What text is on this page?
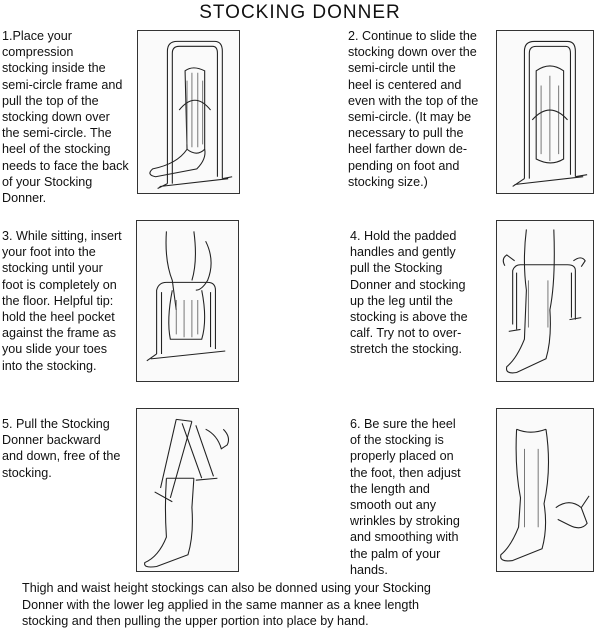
STOCKING DONNER
1.Place your compression
stocking inside the
semi-circle frame and
pull the top of the
stocking down over
the semi-circle. The
heel of the stocking
needs to face the back
of your Stocking
Donner.
2. Continue to slide the
stocking down over the
semi-circle until the
heel is centered and
even with the top of the
semi-circle. (It may be
necessary to pull the
heel farther down de-
pending on foot and
stocking size.)
3. While sitting, insert
your foot into the
stocking until your
foot is completely on
the floor. Helpful tip:
hold the heel pocket
against the frame as
you slide your toes
into the stocking.
4. Hold the padded
handles and gently
pull the Stocking
Donner and stocking
up the leg until the
stocking is above the
calf. Try not to over-
stretch the stocking.
5. Pull the Stocking
Donner backward
and down, free of the
stocking.
6. Be sure the heel
of the stocking is
properly placed on
the foot, then adjust
the length and
smooth out any
wrinkles by stroking
and smoothing with
the palm of your
hands.
Thigh and waist height stockings can also be donned using your Stocking
Donner with the lower leg applied in the same manner as a knee length
stocking and then pulling the upper portion into place by hand.
